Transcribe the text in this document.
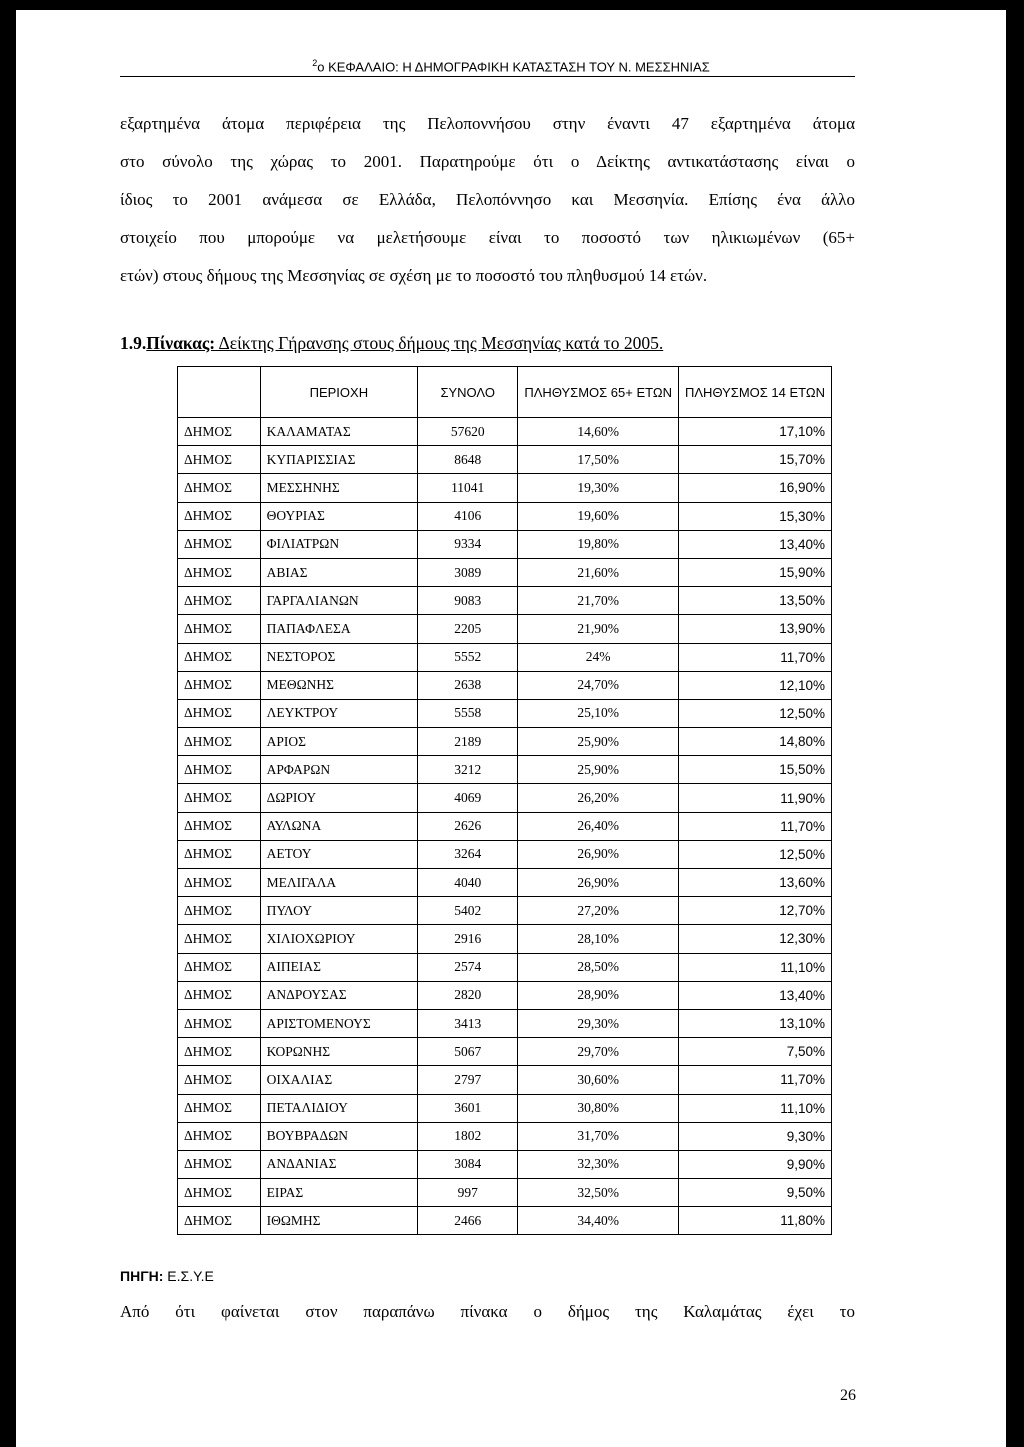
$^2$ο ΚΕΦΑΛΑΙΟ: Η ΔΗΜΟΓΡΑΦΙΚΗ ΚΑΤΑΣΤΑΣΗ ΤΟΥ Ν. ΜΕΣΣΗΝΙΑΣ
εξαρτημένα άτομα περιφέρεια της Πελοποννήσου στην έναντι 47 εξαρτημένα άτομα
στο σύνολο της χώρας το 2001. Παρατηρούμε ότι ο Δείκτης αντικατάστασης είναι ο
ίδιος το 2001 ανάμεσα σε Ελλάδα, Πελοπόννησο και Μεσσηνία. Επίσης ένα άλλο
στοιχείο που μπορούμε να μελετήσουμε είναι το ποσοστό των ηλικιωμένων (65+
ετών) στους δήμους της Μεσσηνίας σε σχέση με το ποσοστό του πληθυσμού 14 ετών.
1.9.Πίνακας: Δείκτης Γήρανσης στους δήμους της Μεσσηνίας κατά το 2005.
	ΠΕΡΙΟΧΗ	ΣΥΝΟΛΟ	ΠΛΗΘΥΣΜΟΣ 65+ ΕΤΩΝ	ΠΛΗΘΥΣΜΟΣ 14 ΕΤΩΝ
ΔΗΜΟΣ	ΚΑΛΑΜΑΤΑΣ	57620	14,60%	17,10%
ΔΗΜΟΣ	ΚΥΠΑΡΙΣΣΙΑΣ	8648	17,50%	15,70%
ΔΗΜΟΣ	ΜΕΣΣΗΝΗΣ	11041	19,30%	16,90%
ΔΗΜΟΣ	ΘΟΥΡΙΑΣ	4106	19,60%	15,30%
ΔΗΜΟΣ	ΦΙΛΙΑΤΡΩΝ	9334	19,80%	13,40%
ΔΗΜΟΣ	ΑΒΙΑΣ	3089	21,60%	15,90%
ΔΗΜΟΣ	ΓΑΡΓΑΛΙΑΝΩΝ	9083	21,70%	13,50%
ΔΗΜΟΣ	ΠΑΠΑΦΛΕΣΑ	2205	21,90%	13,90%
ΔΗΜΟΣ	ΝΕΣΤΟΡΟΣ	5552	24%	11,70%
ΔΗΜΟΣ	ΜΕΘΩΝΗΣ	2638	24,70%	12,10%
ΔΗΜΟΣ	ΛΕΥΚΤΡΟΥ	5558	25,10%	12,50%
ΔΗΜΟΣ	ΑΡΙΟΣ	2189	25,90%	14,80%
ΔΗΜΟΣ	ΑΡΦΑΡΩΝ	3212	25,90%	15,50%
ΔΗΜΟΣ	ΔΩΡΙΟΥ	4069	26,20%	11,90%
ΔΗΜΟΣ	ΑΥΛΩΝΑ	2626	26,40%	11,70%
ΔΗΜΟΣ	ΑΕΤΟΥ	3264	26,90%	12,50%
ΔΗΜΟΣ	ΜΕΛΙΓΑΛΑ	4040	26,90%	13,60%
ΔΗΜΟΣ	ΠΥΛΟΥ	5402	27,20%	12,70%
ΔΗΜΟΣ	ΧΙΛΙΟΧΩΡΙΟΥ	2916	28,10%	12,30%
ΔΗΜΟΣ	ΑΙΠΕΙΑΣ	2574	28,50%	11,10%
ΔΗΜΟΣ	ΑΝΔΡΟΥΣΑΣ	2820	28,90%	13,40%
ΔΗΜΟΣ	ΑΡΙΣΤΟΜΕΝΟΥΣ	3413	29,30%	13,10%
ΔΗΜΟΣ	ΚΟΡΩΝΗΣ	5067	29,70%	7,50%
ΔΗΜΟΣ	ΟΙΧΑΛΙΑΣ	2797	30,60%	11,70%
ΔΗΜΟΣ	ΠΕΤΑΛΙΔΙΟΥ	3601	30,80%	11,10%
ΔΗΜΟΣ	ΒΟΥΒΡΑΔΩΝ	1802	31,70%	9,30%
ΔΗΜΟΣ	ΑΝΔΑΝΙΑΣ	3084	32,30%	9,90%
ΔΗΜΟΣ	ΕΙΡΑΣ	997	32,50%	9,50%
ΔΗΜΟΣ	ΙΘΩΜΗΣ	2466	34,40%	11,80%
ΠΗΓΗ: Ε.Σ.Υ.Ε
Από ότι φαίνεται στον παραπάνω πίνακα ο δήμος της Καλαμάτας έχει το
26
